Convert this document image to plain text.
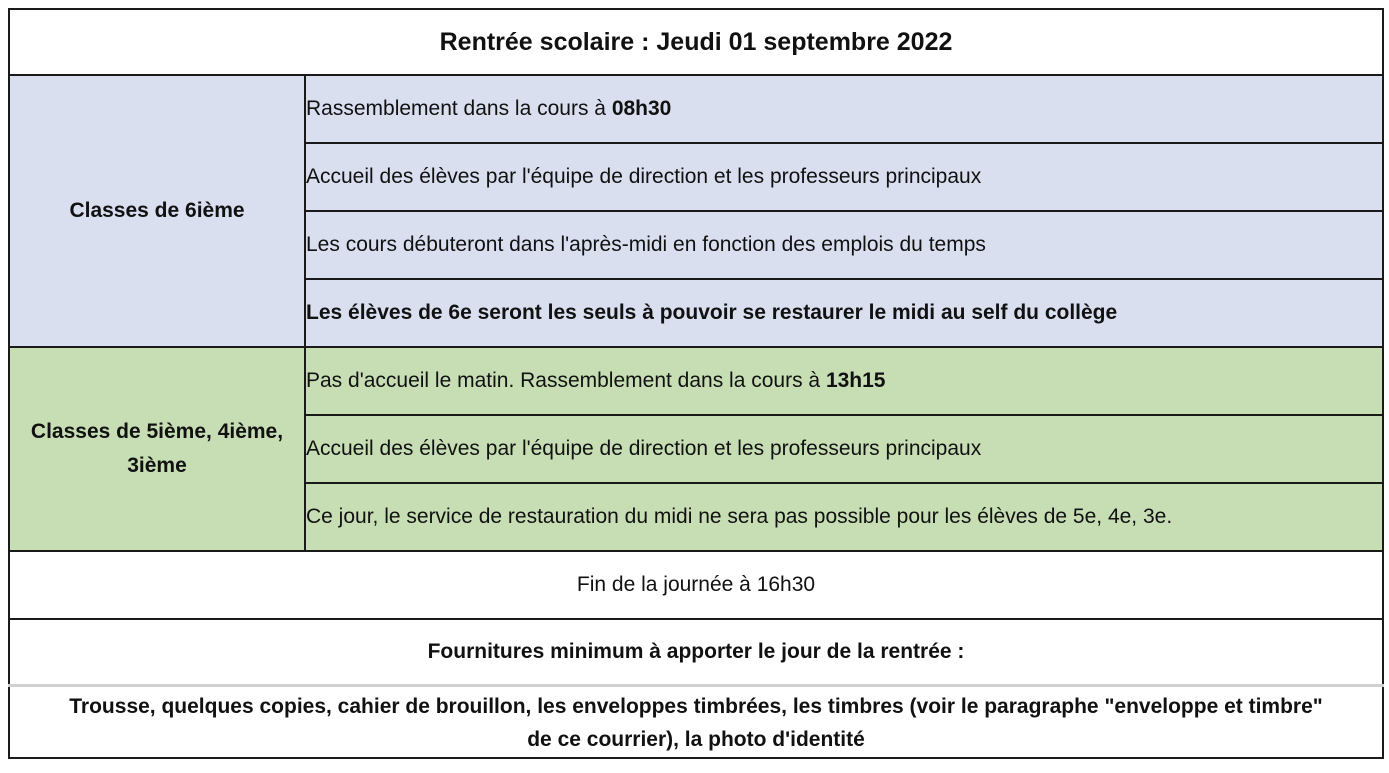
Rentrée scolaire : Jeudi 01 septembre 2022	
Classes de 6ième	Rassemblement dans la cours à 08h30
	Accueil des élèves par l'équipe de direction et les professeurs principaux
	Les cours débuteront dans l'après-midi en fonction des emplois du temps
	Les élèves de 6e seront les seuls à pouvoir se restaurer le midi au self du collège
Classes de 5ième, 4ième,
3ième	Pas d'accueil le matin. Rassemblement dans la cours à 13h15
	Accueil des élèves par l'équipe de direction et les professeurs principaux
	Ce jour, le service de restauration du midi ne sera pas possible pour les élèves de 5e, 4e, 3e.
Fin de la journée à 16h30	
Fournitures minimum à apporter le jour de la rentrée :	
Trousse, quelques copies, cahier de brouillon, les enveloppes timbrées, les timbres (voir le paragraphe "enveloppe et timbre"
de ce courrier), la photo d'identité	
